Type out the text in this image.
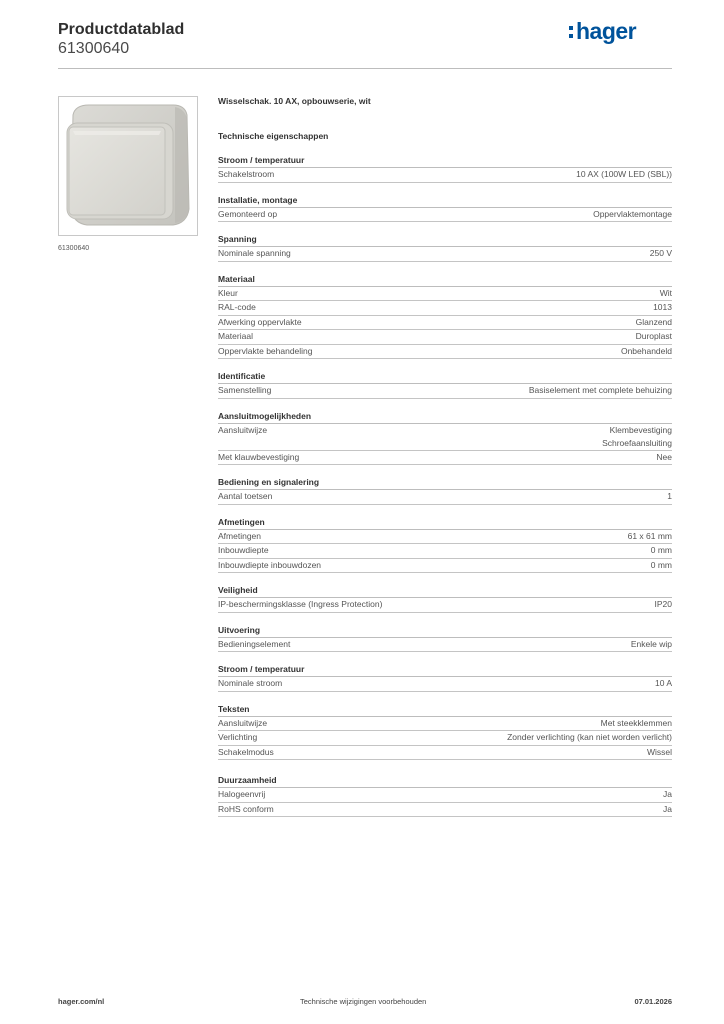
Productdatablad
61300640
hager
61300640
Wisselschak. 10 AX, opbouwserie, wit
Technische eigenschappen
Stroom / temperatuur
Schakelstroom	10 AX (100W LED (SBL))
Installatie, montage
Gemonteerd op	Oppervlaktemontage
Spanning
Nominale spanning	250 V
Materiaal
Kleur	Wit
RAL-code	1013
Afwerking oppervlakte	Glanzend
Materiaal	Duroplast
Oppervlakte behandeling	Onbehandeld
Identificatie
Samenstelling	Basiselement met complete behuizing
Aansluitmogelijkheden
Aansluitwijze	Klembevestiging
Schroefaansluiting
Met klauwbevestiging	Nee
Bediening en signalering
Aantal toetsen	1
Afmetingen
Afmetingen	61 x 61 mm
Inbouwdiepte	0 mm
Inbouwdiepte inbouwdozen	0 mm
Veiligheid
IP-beschermingsklasse (Ingress Protection)	IP20
Uitvoering
Bedieningselement	Enkele wip
Stroom / temperatuur
Nominale stroom	10 A
Teksten
Aansluitwijze	Met steekklemmen
Verlichting	Zonder verlichting (kan niet worden verlicht)
Schakelmodus	Wissel
Duurzaamheid
Halogeenvrij	Ja
RoHS conform	Ja
hager.com/nl	Technische wijzigingen voorbehouden	07.01.2026
